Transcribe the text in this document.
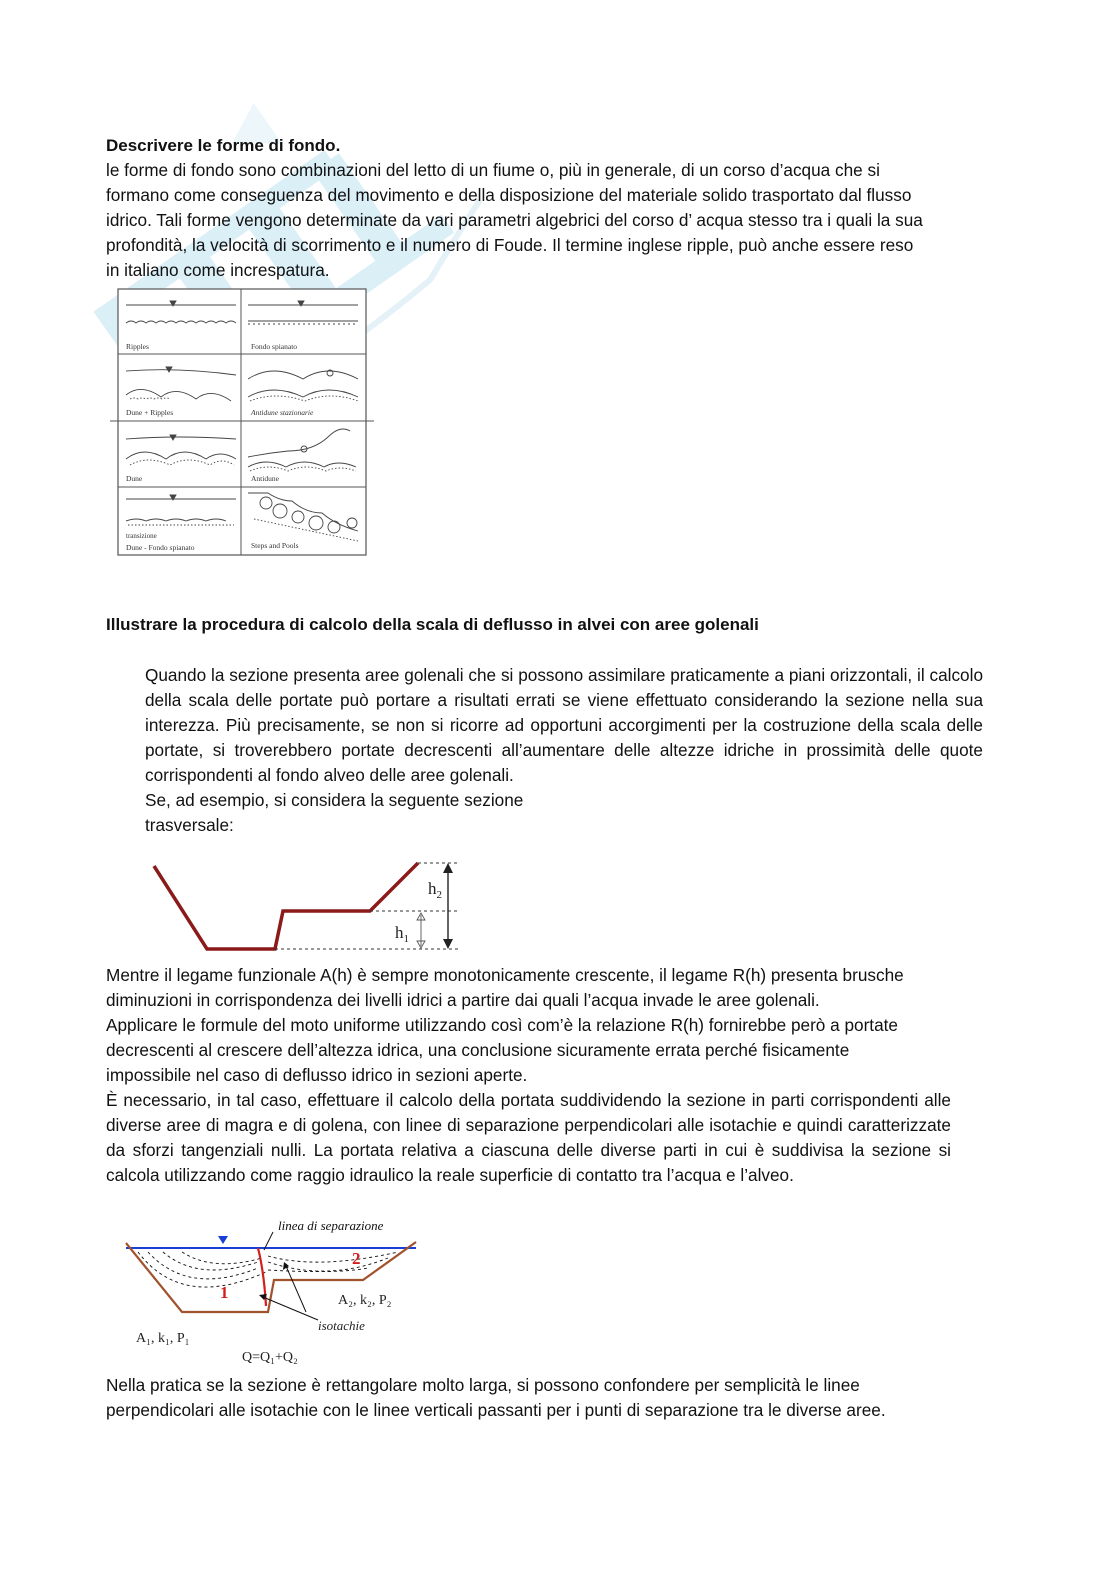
Descrivere le forme di fondo.
le forme di fondo sono combinazioni del letto di un fiume o, più in generale, di un corso d’acqua che si
formano come conseguenza del movimento e della disposizione del materiale solido trasportato dal flusso
idrico. Tali forme vengono determinate da vari parametri algebrici del corso d’ acqua stesso tra i quali la sua
profondità, la velocità di scorrimento e il numero di Foude. Il termine inglese ripple, può anche essere reso
in italiano come increspatura.
Ripples	Fondo spianato
Dune + Ripples	Antidune stazionarie
Dune	Antidune
transizione
Dune - Fondo spianato	Steps and Pools
Illustrare la procedura di calcolo della scala di deflusso in alvei con aree golenali
Quando la sezione presenta aree golenali che si possono assimilare praticamente a piani orizzontali, il calcolo della scala delle portate può portare a risultati errati se viene effettuato considerando la sezione nella sua interezza. Più precisamente, se non si ricorre ad opportuni accorgimenti per la costruzione della scala delle portate, si troverebbero portate decrescenti all’aumentare delle altezze idriche in prossimità delle quote corrispondenti al fondo alveo delle aree golenali.
Se, ad esempio, si considera la seguente sezione
trasversale:
$h_2$
$h_1$
Mentre il legame funzionale A(h) è sempre monotonicamente crescente, il legame R(h) presenta brusche
diminuzioni in corrispondenza dei livelli idrici a partire dai quali l’acqua invade le aree golenali.
Applicare le formule del moto uniforme utilizzando così com’è la relazione R(h) fornirebbe però a portate
decrescenti al crescere dell’altezza idrica, una conclusione sicuramente errata perché fisicamente
impossibile nel caso di deflusso idrico in sezioni aperte.
È necessario, in tal caso, effettuare il calcolo della portata suddividendo la sezione in parti corrispondenti alle diverse aree di magra e di golena, con linee di separazione perpendicolari alle isotachie e quindi caratterizzate da sforzi tangenziali nulli. La portata relativa a ciascuna delle diverse parti in cui è suddivisa la sezione si calcola utilizzando come raggio idraulico la reale superficie di contatto tra l’acqua e l’alveo.
linea di separazione
1
2
A₂, k₂, P₂
isotachie
A₁, k₁, P₁
Q=Q₁+Q₂
Nella pratica se la sezione è rettangolare molto larga, si possono confondere per semplicità le linee
perpendicolari alle isotachie con le linee verticali passanti per i punti di separazione tra le diverse aree.
